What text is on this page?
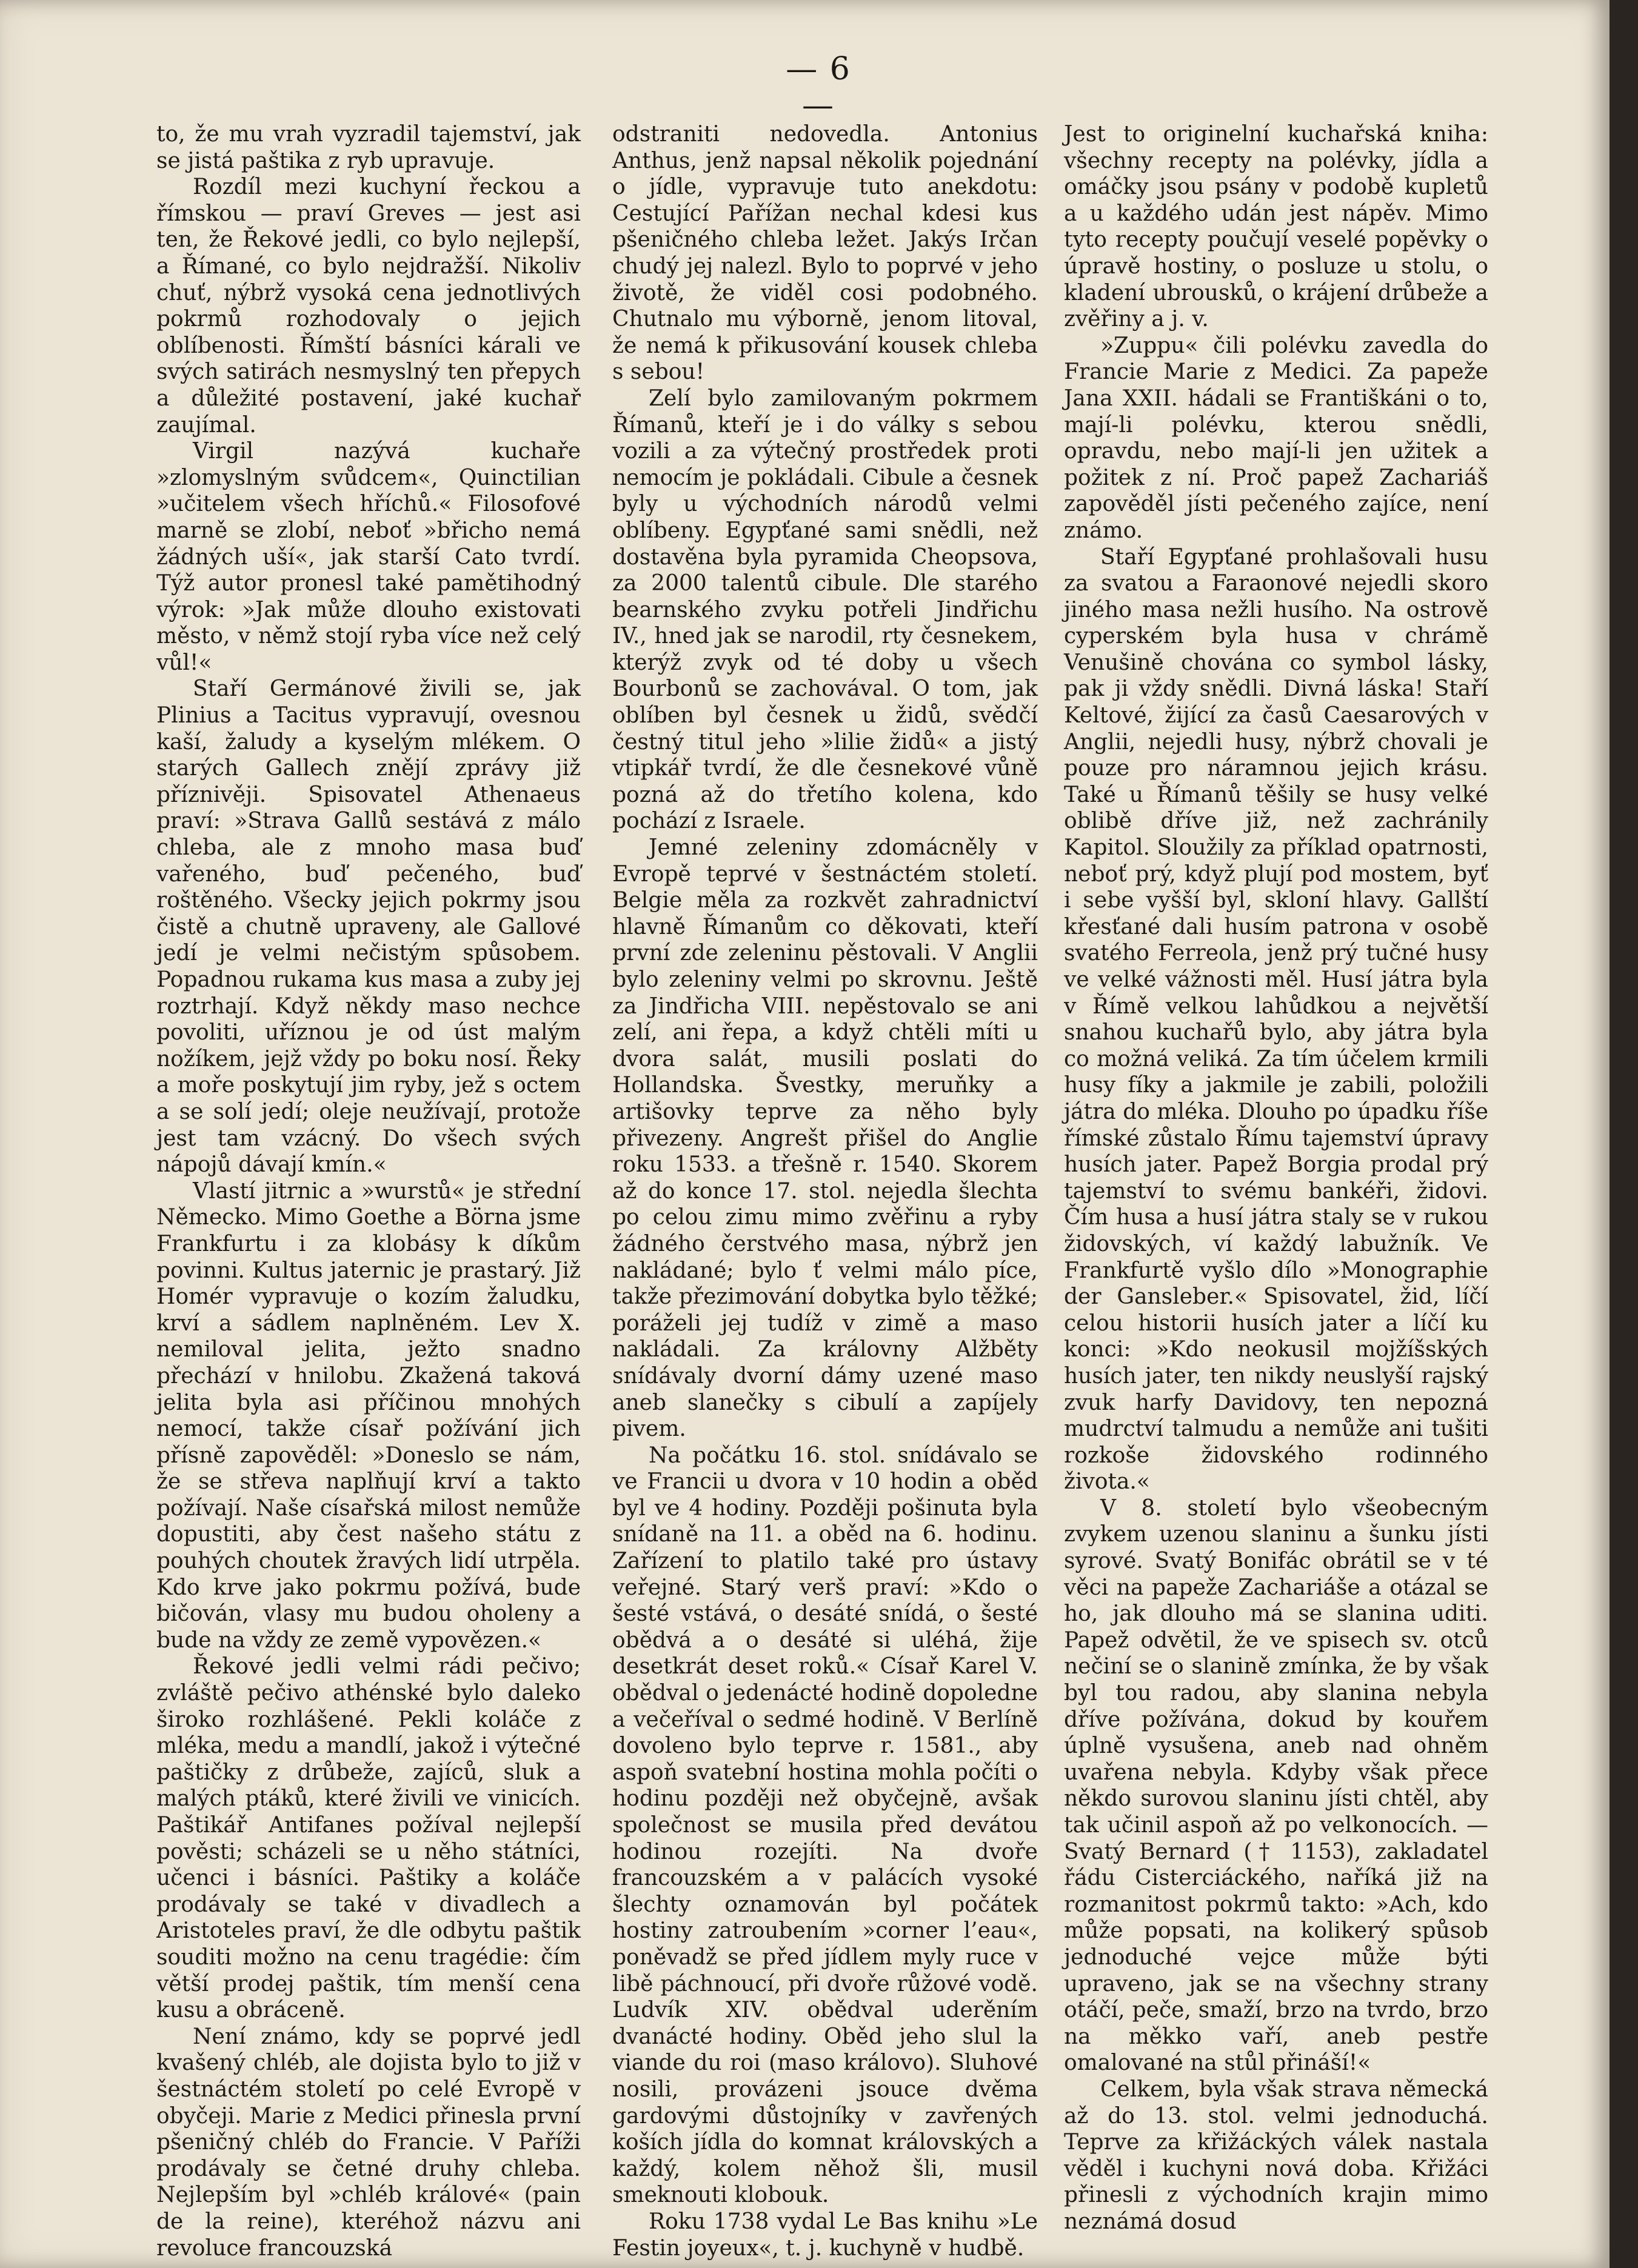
— 6 —

to, že mu vrah vyzradil tajemství, jak se jistá paštika z ryb upravuje.

Rozdíl mezi kuchyní řeckou a římskou — praví Greves — jest asi ten, že Řekové jedli, co bylo nejlepší, a Římané, co bylo nejdražší. Nikoliv chuť, nýbrž vysoká cena jednotlivých pokrmů rozhodovaly o jejich oblíbenosti. Římští básníci kárali ve svých satirách nesmyslný ten přepych a důležité postavení, jaké kuchař zaujímal.

Virgil nazývá kuchaře »zlomyslným svůdcem«, Quinctilian »učitelem všech hříchů.« Filosofové marně se zlobí, neboť »břicho nemá žádných uší«, jak starší Cato tvrdí. Týž autor pronesl také pamětihodný výrok: »Jak může dlouho existovati město, v němž stojí ryba více než celý vůl!«

Staří Germánové živili se, jak Plinius a Tacitus vypravují, ovesnou kaší, žaludy a kyselým mlékem. O starých Gallech znějí zprávy již příznivěji. Spisovatel Athenaeus praví: »Strava Gallů sestává z málo chleba, ale z mnoho masa buď vařeného, buď pečeného, buď roštěného. Všecky jejich pokrmy jsou čistě a chutně upraveny, ale Gallové jedí je velmi nečistým spůsobem. Popadnou rukama kus masa a zuby jej roztrhají. Když někdy maso nechce povoliti, uříznou je od úst malým nožíkem, jejž vždy po boku nosí. Řeky a moře poskytují jim ryby, jež s octem a se solí jedí; oleje neužívají, protože jest tam vzácný. Do všech svých nápojů dávají kmín.«

Vlastí jitrnic a »wurstů« je střední Německo. Mimo Goethe a Börna jsme Frankfurtu i za klobásy k díkům povinni. Kultus jaternic je prastarý. Již Homér vypravuje o kozím žaludku, krví a sádlem naplněném. Lev X. nemiloval jelita, ježto snadno přechází v hnilobu. Zkažená taková jelita byla asi příčinou mnohých nemocí, takže císař požívání jich přísně zapověděl: »Doneslo se nám, že se střeva naplňují krví a takto požívají. Naše císařská milost nemůže dopustiti, aby čest našeho státu z pouhých choutek žravých lidí utrpěla. Kdo krve jako pokrmu požívá, bude bičován, vlasy mu budou oholeny a bude na vždy ze země vypovězen.«

Řekové jedli velmi rádi pečivo; zvláště pečivo athénské bylo daleko široko rozhlášené. Pekli koláče z mléka, medu a mandlí, jakož i výtečné paštičky z drůbeže, zajíců, sluk a malých ptáků, které živili ve vinicích. Paštikář Antifanes požíval nejlepší pověsti; scházeli se u něho státníci, učenci i básníci. Paštiky a koláče prodávaly se také v divadlech a Aristoteles praví, že dle odbytu paštik souditi možno na cenu tragédie: čím větší prodej paštik, tím menší cena kusu a obráceně.

Není známo, kdy se poprvé jedl kvašený chléb, ale dojista bylo to již v šestnáctém století po celé Evropě v obyčeji. Marie z Medici přinesla první pšeničný chléb do Francie. V Paříži prodávaly se četné druhy chleba. Nejlepším byl »chléb králové« (pain de la reine), kteréhož názvu ani revoluce francouzská

odstraniti nedovedla. Antonius Anthus, jenž napsal několik pojednání o jídle, vypravuje tuto anekdotu: Cestující Pařížan nechal kdesi kus pšeničného chleba ležet. Jakýs Irčan chudý jej nalezl. Bylo to poprvé v jeho životě, že viděl cosi podobného. Chutnalo mu výborně, jenom litoval, že nemá k přikusování kousek chleba s sebou!

Zelí bylo zamilovaným pokrmem Římanů, kteří je i do války s sebou vozili a za výtečný prostředek proti nemocím je pokládali. Cibule a česnek byly u východních národů velmi oblíbeny. Egypťané sami snědli, než dostavěna byla pyramida Cheopsova, za 2000 talentů cibule. Dle starého bearnského zvyku potřeli Jindřichu IV., hned jak se narodil, rty česnekem, kterýž zvyk od té doby u všech Bourbonů se zachovával. O tom, jak oblíben byl česnek u židů, svědčí čestný titul jeho »lilie židů« a jistý vtipkář tvrdí, že dle česnekové vůně pozná až do třetího kolena, kdo pochází z Israele.

Jemné zeleniny zdomácněly v Evropě teprvé v šestnáctém století. Belgie měla za rozkvět zahradnictví hlavně Římanům co děkovati, kteří první zde zeleninu pěstovali. V Anglii bylo zeleniny velmi po skrovnu. Ještě za Jindřicha VIII. nepěstovalo se ani zelí, ani řepa, a když chtěli míti u dvora salát, musili poslati do Hollandska. Švestky, meruňky a artišovky teprve za něho byly přivezeny. Angrešt přišel do Anglie roku 1533. a třešně r. 1540. Skorem až do konce 17. stol. nejedla šlechta po celou zimu mimo zvěřinu a ryby žádného čerstvého masa, nýbrž jen nakládané; bylo ť velmi málo píce, takže přezimování dobytka bylo těžké; poráželi jej tudíž v zimě a maso nakládali. Za královny Alžběty snídávaly dvorní dámy uzené maso aneb slanečky s cibulí a zapíjely pivem.

Na počátku 16. stol. snídávalo se ve Francii u dvora v 10 hodin a oběd byl ve 4 hodiny. Později pošinuta byla snídaně na 11. a oběd na 6. hodinu. Zařízení to platilo také pro ústavy veřejné. Starý verš praví: »Kdo o šesté vstává, o desáté snídá, o šesté obědvá a o desáté si uléhá, žije desetkrát deset roků.« Císař Karel V. obědval o jedenácté hodině dopoledne a večeříval o sedmé hodině. V Berlíně dovoleno bylo teprve r. 1581., aby aspoň svatební hostina mohla počíti o hodinu později než obyčejně, avšak společnost se musila před devátou hodinou rozejíti. Na dvoře francouzském a v palácích vysoké šlechty oznamován byl počátek hostiny zatroubením »corner l’eau«, poněvadž se před jídlem myly ruce v libě páchnoucí, při dvoře růžové vodě. Ludvík XIV. obědval uderěním dvanácté hodiny. Oběd jeho slul la viande du roi (maso královo). Sluhové nosili, provázeni jsouce dvěma gardovými důstojníky v zavřených koších jídla do komnat královských a každý, kolem něhož šli, musil smeknouti klobouk.

Roku 1738 vydal Le Bas knihu »Le Festin joyeux«, t. j. kuchyně v hudbě.

Jest to originelní kuchařská kniha: všechny recepty na polévky, jídla a omáčky jsou psány v podobě kupletů a u každého udán jest nápěv. Mimo tyto recepty poučují veselé popěvky o úpravě hostiny, o posluze u stolu, o kladení ubrousků, o krájení drůbeže a zvěřiny a j. v.

»Zuppu« čili polévku zavedla do Francie Marie z Medici. Za papeže Jana XXII. hádali se Františkáni o to, mají-li polévku, kterou snědli, opravdu, nebo mají-li jen užitek a požitek z ní. Proč papež Zachariáš zapověděl jísti pečeného zajíce, není známo.

Staří Egypťané prohlašovali husu za svatou a Faraonové nejedli skoro jiného masa nežli husího. Na ostrově cyperském byla husa v chrámě Venušině chována co symbol lásky, pak ji vždy snědli. Divná láska! Staří Keltové, žijící za časů Caesarových v Anglii, nejedli husy, nýbrž chovali je pouze pro náramnou jejich krásu. Také u Římanů těšily se husy velké oblibě dříve již, než zachránily Kapitol. Sloužily za příklad opatrnosti, neboť prý, když plují pod mostem, byť i sebe vyšší byl, skloní hlavy. Gallští křesťané dali husím patrona v osobě svatého Ferreola, jenž prý tučné husy ve velké vážnosti měl. Husí játra byla v Římě velkou lahůdkou a největší snahou kuchařů bylo, aby játra byla co možná veliká. Za tím účelem krmili husy fíky a jakmile je zabili, položili játra do mléka. Dlouho po úpadku říše římské zůstalo Římu tajemství úpravy husích jater. Papež Borgia prodal prý tajemství to svému bankéři, židovi. Čím husa a husí játra staly se v rukou židovských, ví každý labužník. Ve Frankfurtě vyšlo dílo »Monographie der Gansleber.« Spisovatel, žid, líčí celou historii husích jater a líčí ku konci: »Kdo neokusil mojžíšských husích jater, ten nikdy neuslyší rajský zvuk harfy Davidovy, ten nepozná mudrctví talmudu a nemůže ani tušiti rozkoše židovského rodinného života.«

V 8. století bylo všeobecným zvykem uzenou slaninu a šunku jísti syrové. Svatý Bonifác obrátil se v té věci na papeže Zachariáše a otázal se ho, jak dlouho má se slanina uditi. Papež odvětil, že ve spisech sv. otců nečiní se o slanině zmínka, že by však byl tou radou, aby slanina nebyla dříve požívána, dokud by kouřem úplně vysušena, aneb nad ohněm uvařena nebyla. Kdyby však přece někdo surovou slaninu jísti chtěl, aby tak učinil aspoň až po velkonocích. — Svatý Bernard († 1153), zakladatel řádu Cisterciáckého, naříká již na rozmanitost pokrmů takto: »Ach, kdo může popsati, na kolikerý spůsob jednoduché vejce může býti upraveno, jak se na všechny strany otáčí, peče, smaží, brzo na tvrdo, brzo na měkko vaří, aneb pestře omalované na stůl přináší!«

Celkem, byla však strava německá až do 13. stol. velmi jednoduchá. Teprve za křižáckých válek nastala věděl i kuchyni nová doba. Křižáci přinesli z východních krajin mimo neznámá dosud
